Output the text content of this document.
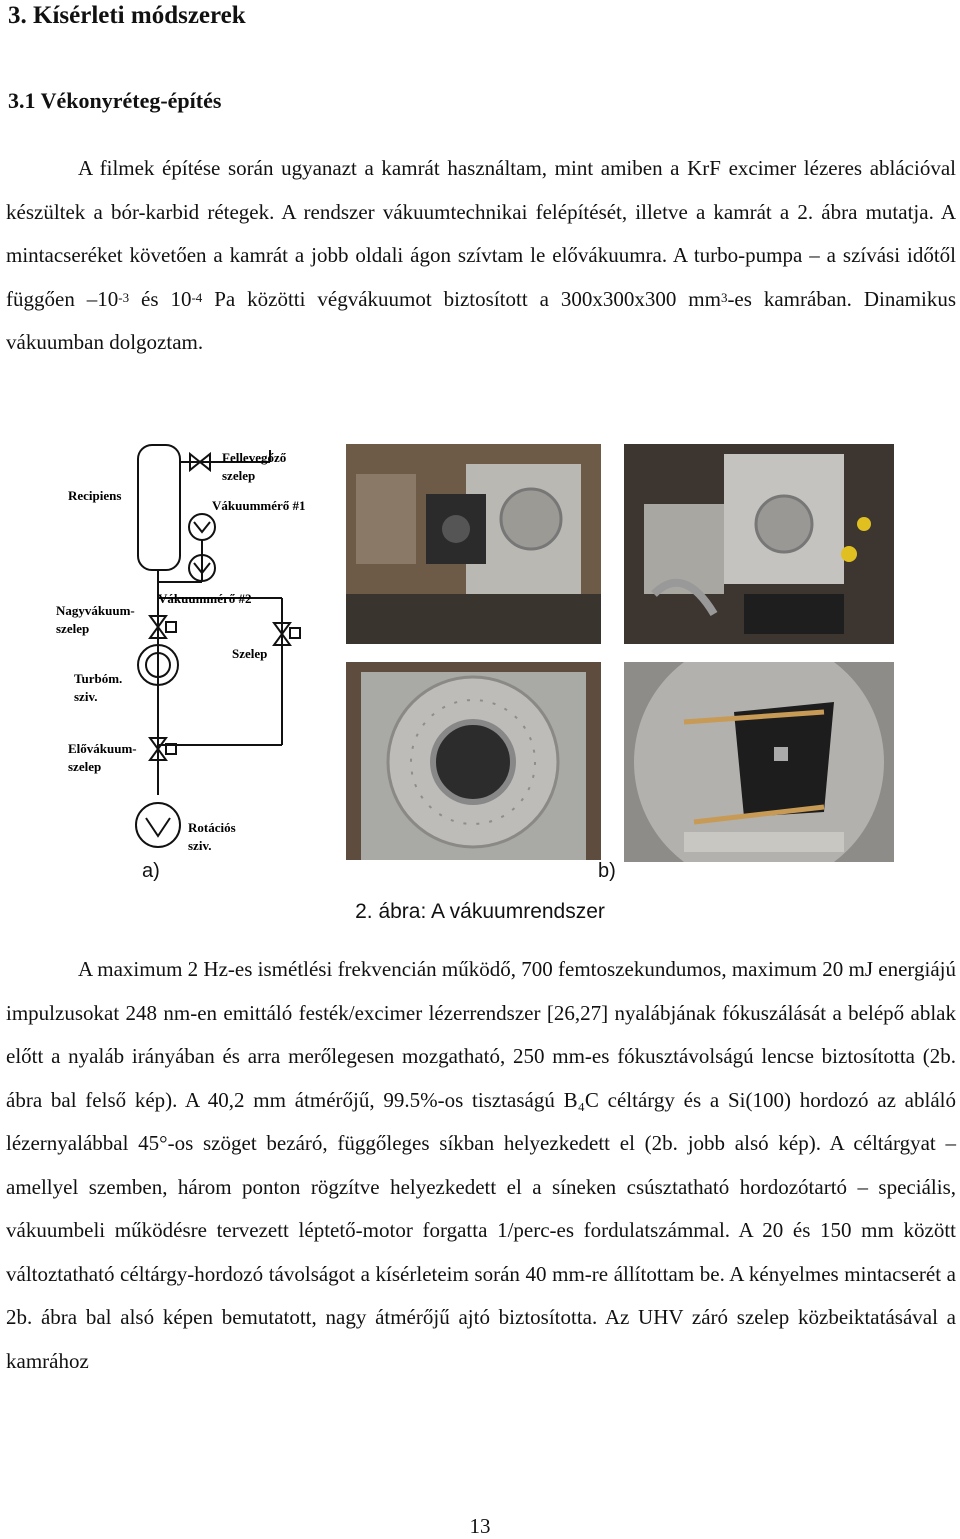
3. Kísérleti módszerek
3.1 Vékonyréteg-építés

A filmek építése során ugyanazt a kamrát használtam, mint amiben a KrF excimer lézeres ablációval készültek a bór-karbid rétegek. A rendszer vákuumtechnikai felépítését, illetve a kamrát a 2. ábra mutatja. A mintacseréket követően a kamrát a jobb oldali ágon szívtam le elővákuumra. A turbo-pumpa – a szívási időtől függően $-10^{-3}$ és $10^{-4}$ Pa közötti végvákuumot biztosított a 300x300x300 $mm^3-es$ kamrában. Dinamikus vákuumban dolgoztam.

Recipiens
Fellevegőző
szelep
Vákuummérő #1
Vákuummérő #2
Nagyvákuum-
szelep
Szelep
Turbóm.
sziv.
Elővákuum-
szelep
Rotációs
sziv.
a)	b)
2. ábra: A vákuumrendszer

A maximum 2 Hz-es ismétlési frekvencián működő, 700 femtoszekundumos, maximum 20 mJ energiájú impulzusokat 248 nm-en emittáló festék/excimer lézerrendszer [26,27] nyalábjának fókuszálását a belépő ablak előtt a nyaláb irányában és arra merőlegesen mozgatható, 250 mm-es fókusztávolságú lencse biztosította (2b. ábra bal felső kép). A 40,2 mm átmérőjű, 99.5%-os tisztaságú B₄C céltárgy és a Si(100) hordozó az abláló lézernyalábbal 45°-os szöget bezáró, függőleges síkban helyezkedett el (2b. jobb alsó kép). A céltárgyat – amellyel szemben, három ponton rögzítve helyezkedett el a síneken csúsztatható hordozótartó – speciális, vákuumbeli működésre tervezett léptető-motor forgatta 1/perc-es fordulatszámmal. A 20 és 150 mm között változtatható céltárgy-hordozó távolságot a kísérleteim során 40 mm-re állítottam be. A kényelmes mintacserét a 2b. ábra bal alsó képen bemutatott, nagy átmérőjű ajtó biztosította. Az UHV záró szelep közbeiktatásával a kamrához

13
